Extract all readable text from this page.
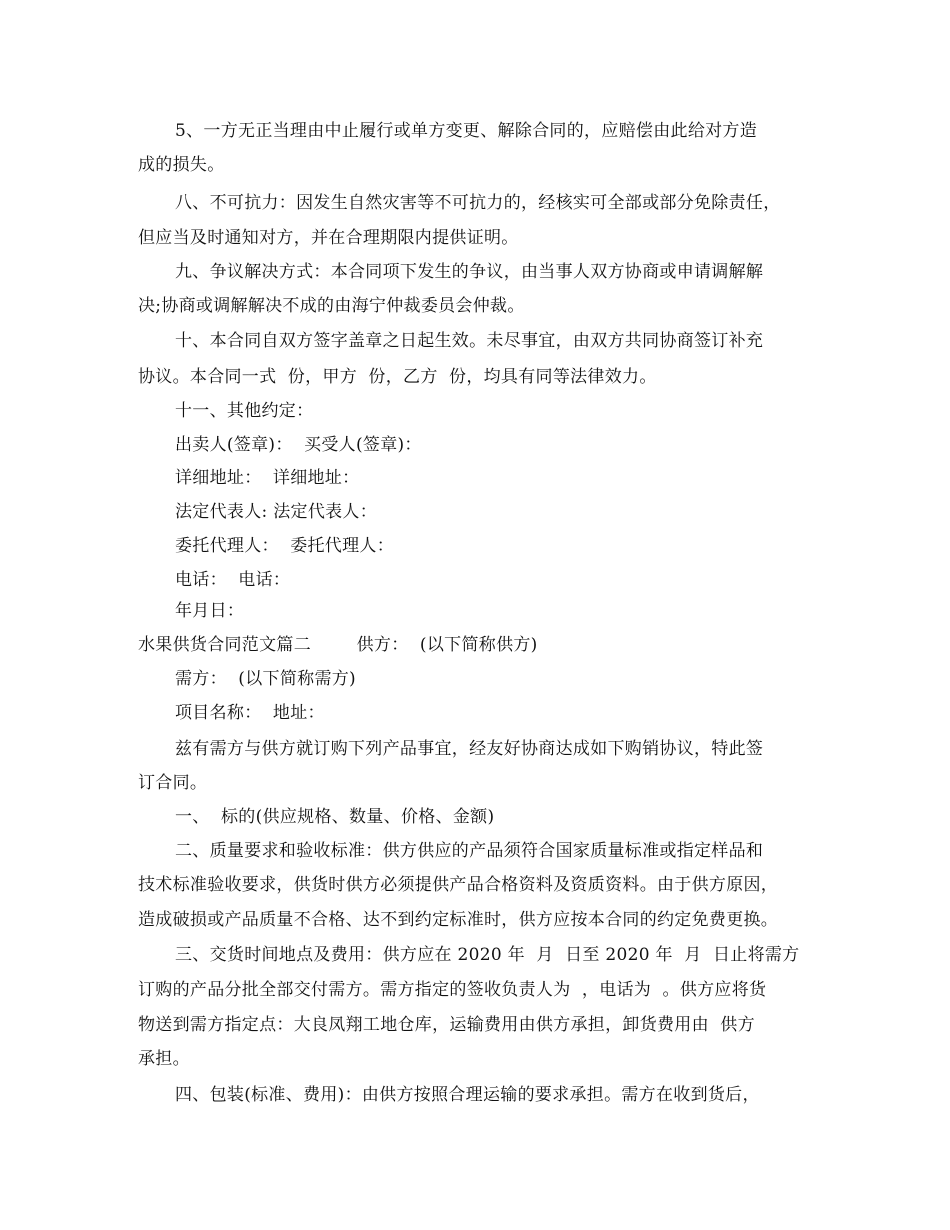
5、一方无正当理由中止履行或单方变更、解除合同的，应赔偿由此给对方造
成的损失。
八、不可抗力：因发生自然灾害等不可抗力的，经核实可全部或部分免除责任，
但应当及时通知对方，并在合理期限内提供证明。
九、争议解决方式：本合同项下发生的争议，由当事人双方协商或申请调解解
决;协商或调解解决不成的由海宁仲裁委员会仲裁。
十、本合同自双方签字盖章之日起生效。未尽事宜，由双方共同协商签订补充
协议。本合同一式  份，甲方  份，乙方  份，均具有同等法律效力。
十一、其他约定：
出卖人(签章)：  买受人(签章)：
详细地址：  详细地址：
法定代表人: 法定代表人：
委托代理人：  委托代理人：
电话：  电话：
年月日：
水果供货合同范文篇二        供方：  (以下简称供方)
需方：  (以下简称需方)
项目名称：  地址：
兹有需方与供方就订购下列产品事宜，经友好协商达成如下购销协议，特此签
订合同。
一、  标的(供应规格、数量、价格、金额)
二、质量要求和验收标准：供方供应的产品须符合国家质量标准或指定样品和
技术标准验收要求，供货时供方必须提供产品合格资料及资质资料。由于供方原因，
造成破损或产品质量不合格、达不到约定标准时，供方应按本合同的约定免费更换。
三、交货时间地点及费用：供方应在 2020 年  月  日至 2020 年  月  日止将需方
订购的产品分批全部交付需方。需方指定的签收负责人为  ，电话为  。供方应将货
物送到需方指定点：大良凤翔工地仓库，运输费用由供方承担，卸货费用由  供方
承担。
四、包装(标准、费用)：由供方按照合理运输的要求承担。需方在收到货后，
